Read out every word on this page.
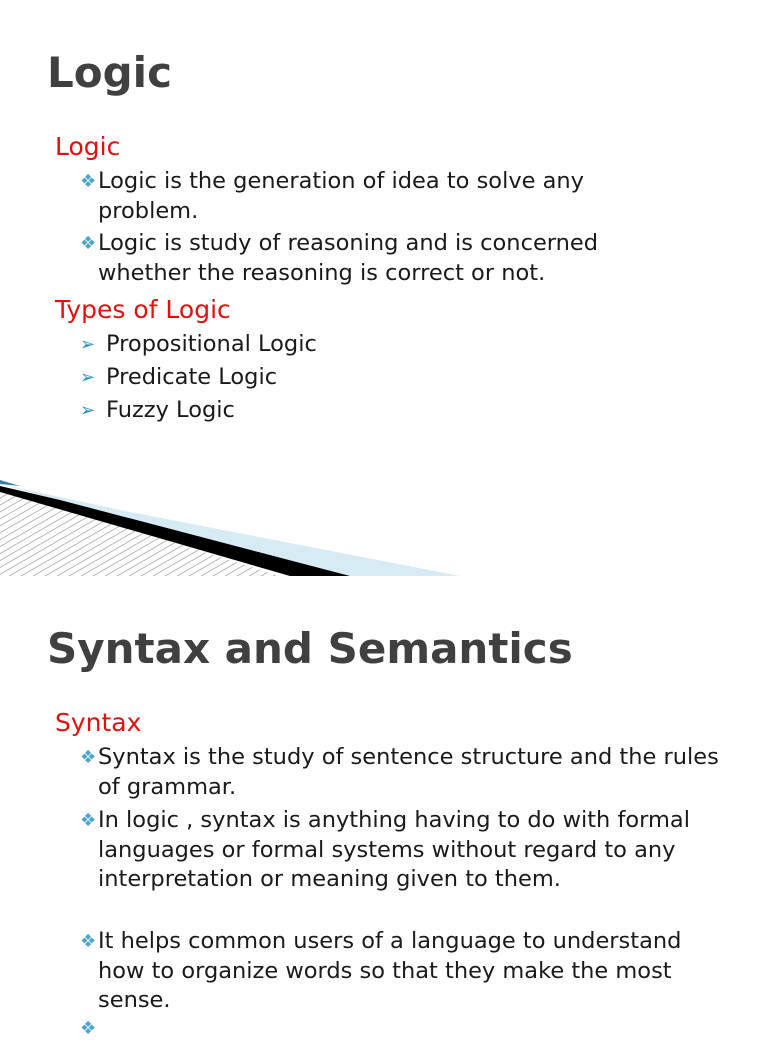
Logic
Logic
❖ Logic is the generation of idea to solve any problem.
❖ Logic is study of reasoning and is concerned whether the reasoning is correct or not.
Types of Logic
➢ Propositional Logic
➢ Predicate Logic
➢ Fuzzy Logic
Syntax and Semantics
Syntax
❖ Syntax is the study of sentence structure and the rules of grammar.
❖ In logic , syntax is anything having to do with formal languages or formal systems without regard to any interpretation or meaning given to them.
❖ It helps common users of a language to understand how to organize words so that they make the most sense.
❖
